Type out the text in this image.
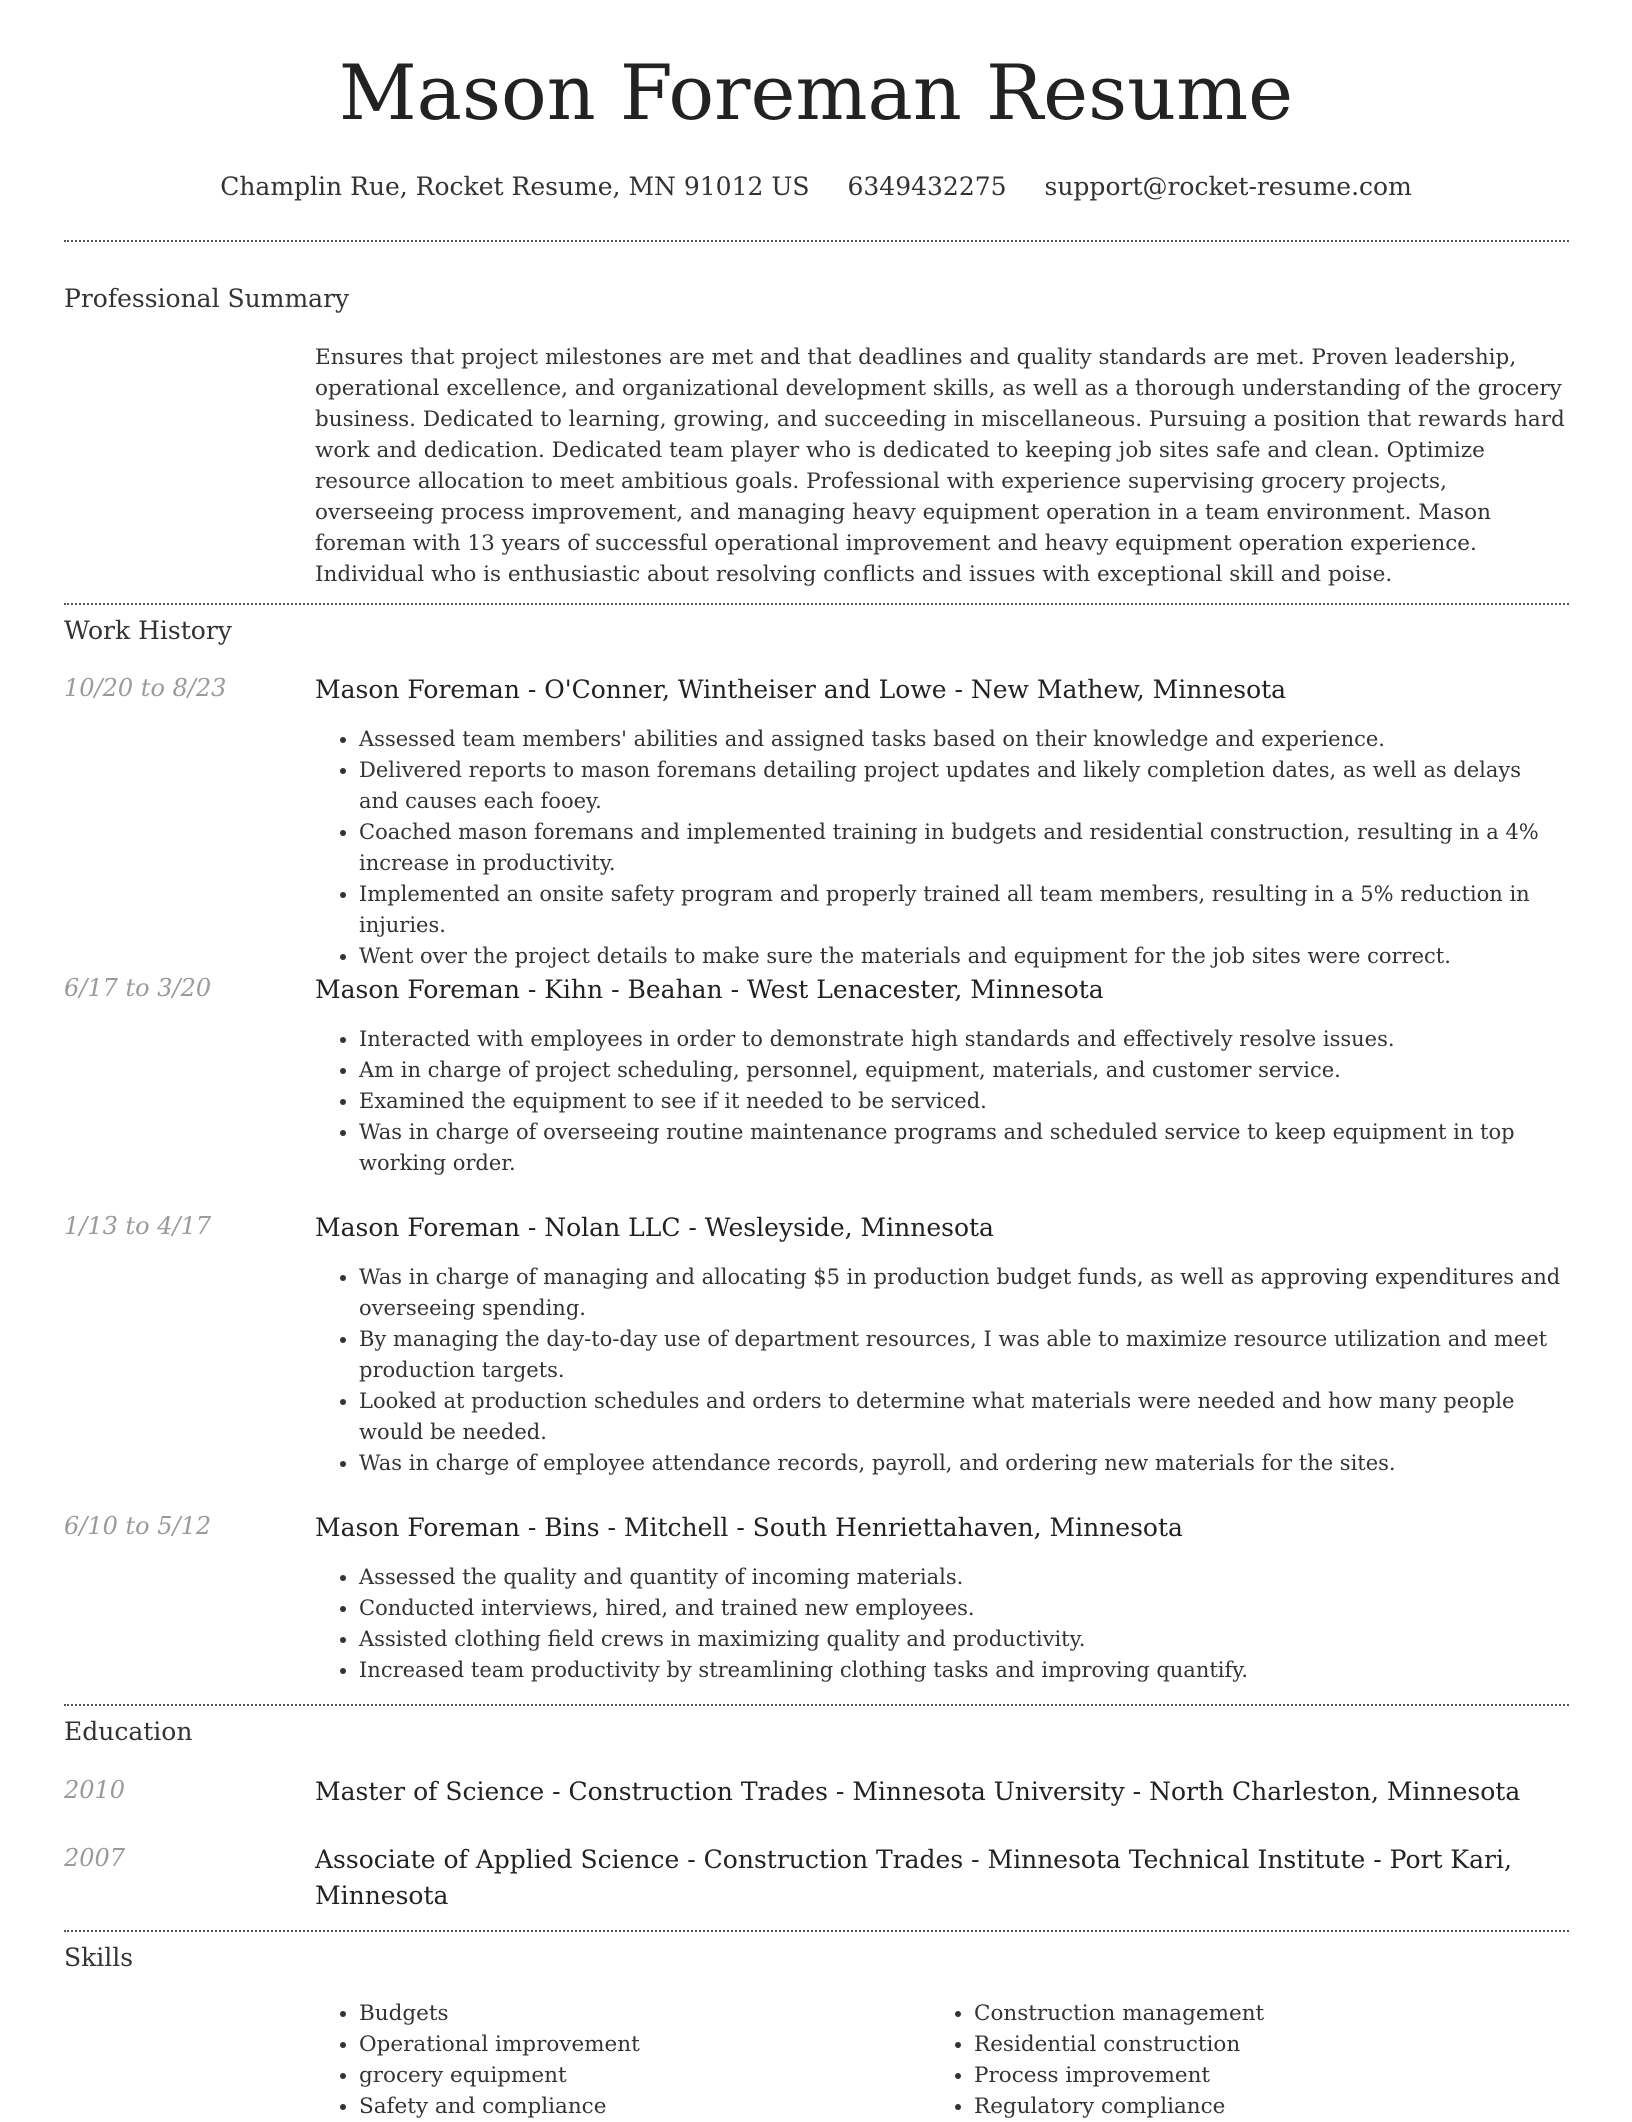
Mason Foreman Resume
Champlin Rue, Rocket Resume, MN 91012 US 6349432275 support@rocket-resume.com
Professional Summary

Ensures that project milestones are met and that deadlines and quality standards are met. Proven leadership, operational excellence, and organizational development skills, as well as a thorough understanding of the grocery business. Dedicated to learning, growing, and succeeding in miscellaneous. Pursuing a position that rewards hard work and dedication. Dedicated team player who is dedicated to keeping job sites safe and clean. Optimize resource allocation to meet ambitious goals. Professional with experience supervising grocery projects, overseeing process improvement, and managing heavy equipment operation in a team environment. Mason foreman with 13 years of successful operational improvement and heavy equipment operation experience. Individual who is enthusiastic about resolving conflicts and issues with exceptional skill and poise.

Work History
10/20 to 8/23	Mason Foreman - O'Conner, Wintheiser and Lowe - New Mathew, Minnesota
• Assessed team members' abilities and assigned tasks based on their knowledge and experience.
• Delivered reports to mason foremans detailing project updates and likely completion dates, as well as delays and causes each fooey.
• Coached mason foremans and implemented training in budgets and residential construction, resulting in a 4% increase in productivity.
• Implemented an onsite safety program and properly trained all team members, resulting in a 5% reduction in injuries.
• Went over the project details to make sure the materials and equipment for the job sites were correct.
6/17 to 3/20	Mason Foreman - Kihn - Beahan - West Lenacester, Minnesota
• Interacted with employees in order to demonstrate high standards and effectively resolve issues.
• Am in charge of project scheduling, personnel, equipment, materials, and customer service.
• Examined the equipment to see if it needed to be serviced.
• Was in charge of overseeing routine maintenance programs and scheduled service to keep equipment in top working order.
1/13 to 4/17	Mason Foreman - Nolan LLC - Wesleyside, Minnesota
• Was in charge of managing and allocating $5 in production budget funds, as well as approving expenditures and overseeing spending.
• By managing the day-to-day use of department resources, I was able to maximize resource utilization and meet production targets.
• Looked at production schedules and orders to determine what materials were needed and how many people would be needed.
• Was in charge of employee attendance records, payroll, and ordering new materials for the sites.
6/10 to 5/12	Mason Foreman - Bins - Mitchell - South Henriettahaven, Minnesota
• Assessed the quality and quantity of incoming materials.
• Conducted interviews, hired, and trained new employees.
• Assisted clothing field crews in maximizing quality and productivity.
• Increased team productivity by streamlining clothing tasks and improving quantify.
Education
2010	Master of Science - Construction Trades - Minnesota University - North Charleston, Minnesota
2007	Associate of Applied Science - Construction Trades - Minnesota Technical Institute - Port Kari, Minnesota
Skills
• Budgets
• Operational improvement
• grocery equipment
• Safety and compliance
• Construction management
• Residential construction
• Process improvement
• Regulatory compliance
